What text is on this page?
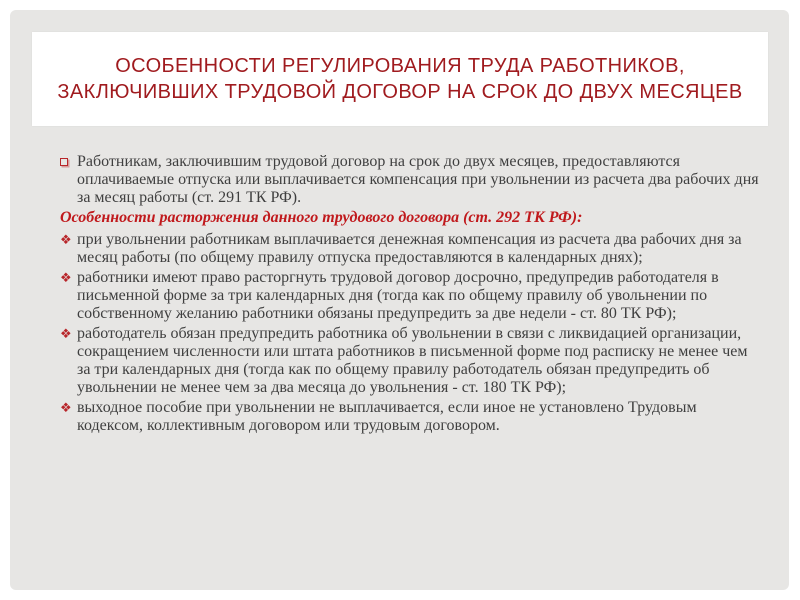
ОСОБЕННОСТИ РЕГУЛИРОВАНИЯ ТРУДА РАБОТНИКОВ, ЗАКЛЮЧИВШИХ ТРУДОВОЙ ДОГОВОР НА СРОК ДО ДВУХ МЕСЯЦЕВ

Работникам, заключившим трудовой договор на срок до двух месяцев, предоставляются оплачиваемые отпуска или выплачивается компенсация при увольнении из расчета два рабочих дня за месяц работы (ст. 291 ТК РФ).

Особенности расторжения данного трудового договора (ст. 292 ТК РФ):

❖ при увольнении работникам выплачивается денежная компенсация из расчета два рабочих дня за месяц работы (по общему правилу отпуска предоставляются в календарных днях);

❖ работники имеют право расторгнуть трудовой договор досрочно, предупредив работодателя в письменной форме за три календарных дня (тогда как по общему правилу об увольнении по собственному желанию работники обязаны предупредить за две недели - ст. 80 ТК РФ);

❖ работодатель обязан предупредить работника об увольнении в связи с ликвидацией организации, сокращением численности или штата работников в письменной форме под расписку не менее чем за три календарных дня (тогда как по общему правилу работодатель обязан предупредить об увольнении не менее чем за два месяца до увольнения - ст. 180 ТК РФ);

❖ выходное пособие при увольнении не выплачивается, если иное не установлено Трудовым кодексом, коллективным договором или трудовым договором.
